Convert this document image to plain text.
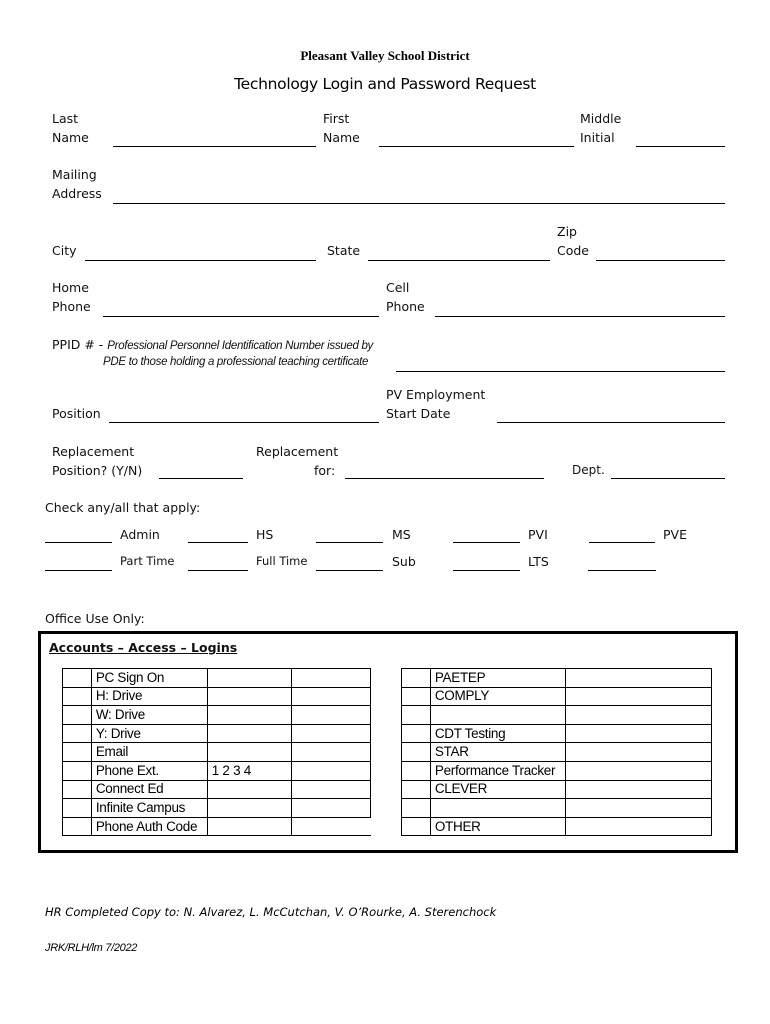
Pleasant Valley School District
Technology Login and Password Request
Last
Name
First
Name
Middle
Initial
Mailing
Address
City	State
Zip
Code
Home
Phone
Cell
Phone
PPID # - Professional Personnel Identification Number issued by
PDE to those holding a professional teaching certificate
Position
PV Employment
Start Date
Replacement
Position? (Y/N)
Replacement
for:	Dept.
Check any/all that apply:
Admin	HS	MS	PVI	PVE
Part Time	Full Time	Sub	LTS
Office Use Only:
Accounts – Access – Logins
	PC Sign On		
	H: Drive		
	W: Drive		
	Y: Drive		
	Email		
	Phone Ext.	1 2 3 4	
	Connect Ed		
	Infinite Campus		
	Phone Auth Code		
	PAETEP	
	COMPLY	

	CDT Testing	
	STAR	
	Performance Tracker	
	CLEVER	

	OTHER	
HR Completed Copy to: N. Alvarez, L. McCutchan, V. O’Rourke, A. Sterenchock
JRK/RLH/lm 7/2022
